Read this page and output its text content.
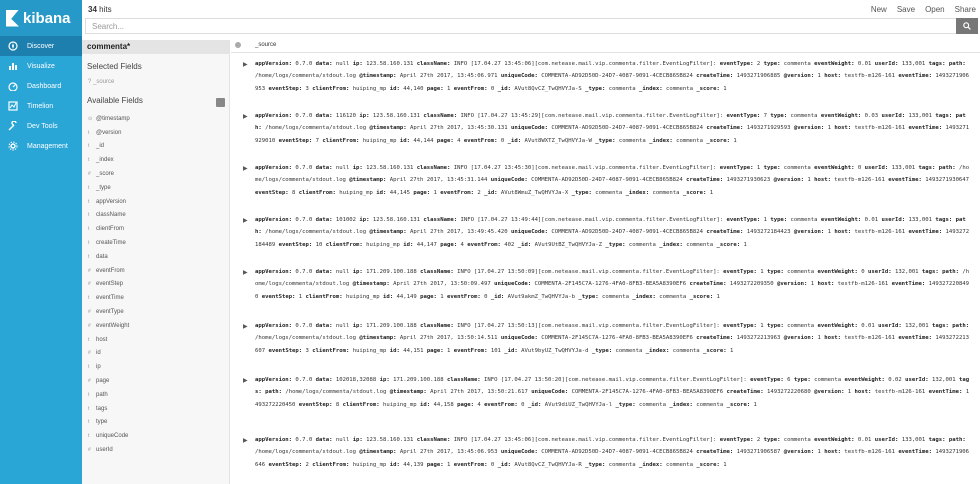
kibana
Discover
Visualize
Dashboard
Timelion
Dev Tools
Management
34 hits	New Save Open Share
Search...
commenta*
Selected Fields
? _source
Available Fields
⊙ @timestamp
t	@version
t	_id
t	_index
# _score
t	_type
t	appVersion
t	className
t	clientFrom
t	createTime
t	data
# eventFrom
# eventStep
t	eventTime
# eventType
# eventWeight
t	host
# id
t	ip
# page
t	path
t	tags
t	type
t	uniqueCode
# userId
_source
▶ appVersion: 0.7.0 data: null ip: 123.58.160.131 className: INFO [17.04.27 13:45:06][com.netease.mail.vip.commenta.filter.EventLogFilter]: eventType: 2 type: commenta eventWeight: 0.01 userId: 133,001 tags: path: /home/logs/commenta/stdout.log @timestamp: April 27th 2017, 13:45:06.971 uniqueCode: COMMENTA-AD92D50D-24D7-4087-9091-4CECB865B824 createTime: 1493271906885 @version: 1 host: testfb-m126-161 eventTime: 1493271906953 eventStep: 3 clientFrom: huiping_mp id: 44,140 page: 1 eventFrom: 0 _id: AVut8QvCZ_TwQHVYJa-S _type: commenta _index: commenta _score: 1
▶ appVersion: 0.7.0 data: 116120 ip: 123.58.160.131 className: INFO [17.04.27 13:45:29][com.netease.mail.vip.commenta.filter.EventLogFilter]: eventType: 7 type: commenta eventWeight: 0.03 userId: 133,001 tags: path: /home/logs/commenta/stdout.log @timestamp: April 27th 2017, 13:45:30.131 uniqueCode: COMMENTA-AD92D50D-24D7-4087-9091-4CECB865B824 createTime: 1493271929593 @version: 1 host: testfb-m126-161 eventTime: 1493271929010 eventStep: 7 clientFrom: huiping_mp id: 44,144 page: 4 eventFrom: 0 _id: AVut8WXTZ_TwQHVYJa-W _type: commenta _index: commenta _score: 1
▶ appVersion: 0.7.0 data: null ip: 123.58.160.131 className: INFO [17.04.27 13:45:30][com.netease.mail.vip.commenta.filter.EventLogFilter]: eventType: 1 type: commenta eventWeight: 0 userId: 133,001 tags: path: /home/logs/commenta/stdout.log @timestamp: April 27th 2017, 13:45:31.144 uniqueCode: COMMENTA-AD92D50D-24D7-4087-9091-4CECB865B824 createTime: 1493271930623 @version: 1 host: testfb-m126-161 eventTime: 1493271930647 eventStep: 8 clientFrom: huiping_mp id: 44,145 page: 1 eventFrom: 2 _id: AVut8WmuZ_TwQHVYJa-X _type: commenta _index: commenta _score: 1
▶ appVersion: 0.7.0 data: 101002 ip: 123.58.160.131 className: INFO [17.04.27 13:49:44][com.netease.mail.vip.commenta.filter.EventLogFilter]: eventType: 1 type: commenta eventWeight: 0.01 userId: 133,001 tags: path: /home/logs/commenta/stdout.log @timestamp: April 27th 2017, 13:49:45.420 uniqueCode: COMMENTA-AD92D50D-24D7-4087-9091-4CECB865B824 createTime: 1493272184423 @version: 1 host: testfb-m126-161 eventTime: 1493272184489 eventStep: 10 clientFrom: huiping_mp id: 44,147 page: 4 eventFrom: 402 _id: AVut9UtBZ_TwQHVYJa-Z _type: commenta _index: commenta _score: 1
▶ appVersion: 0.7.0 data: null ip: 171.209.100.188 className: INFO [17.04.27 13:50:09][com.netease.mail.vip.commenta.filter.EventLogFilter]: eventType: 1 type: commenta eventWeight: 0 userId: 132,001 tags: path: /home/logs/commenta/stdout.log @timestamp: April 27th 2017, 13:50:09.497 uniqueCode: COMMENTA-2F145C7A-1276-4FA0-8FB3-BEA5A8390EF6 createTime: 1493272209350 @version: 1 host: testfb-m126-161 eventTime: 1493272208490 eventStep: 1 clientFrom: huiping_mp id: 44,149 page: 1 eventFrom: 0 _id: AVut9akmZ_TwQHVYJa-b _type: commenta _index: commenta _score: 1
▶ appVersion: 0.7.0 data: null ip: 171.209.100.188 className: INFO [17.04.27 13:50:13][com.netease.mail.vip.commenta.filter.EventLogFilter]: eventType: 1 type: commenta eventWeight: 0.01 userId: 132,001 tags: path: /home/logs/commenta/stdout.log @timestamp: April 27th 2017, 13:50:14.511 uniqueCode: COMMENTA-2F145C7A-1276-4FA0-8FB3-BEA5A8390EF6 createTime: 1493272213963 @version: 1 host: testfb-m126-161 eventTime: 1493272213607 eventStep: 3 clientFrom: huiping_mp id: 44,151 page: 1 eventFrom: 101 _id: AVut9byUZ_TwQHVYJa-d _type: commenta _index: commenta _score: 1
▶ appVersion: 0.7.0 data: 102018,32088 ip: 171.209.100.188 className: INFO [17.04.27 13:50:20][com.netease.mail.vip.commenta.filter.EventLogFilter]: eventType: 6 type: commenta eventWeight: 0.02 userId: 132,001 tags: path: /home/logs/commenta/stdout.log @timestamp: April 27th 2017, 13:50:21.617 uniqueCode: COMMENTA-2F145C7A-1276-4FA0-8FB3-BEA5A8390EF6 createTime: 1493272220680 @version: 1 host: testfb-m126-161 eventTime: 1493272220450 eventStep: 8 clientFrom: huiping_mp id: 44,158 page: 4 eventFrom: 0 _id: AVut9diUZ_TwQHVYJa-l _type: commenta _index: commenta _score: 1
▶ appVersion: 0.7.0 data: null ip: 123.58.160.131 className: INFO [17.04.27 13:45:06][com.netease.mail.vip.commenta.filter.EventLogFilter]: eventType: 2 type: commenta eventWeight: 0.01 userId: 133,001 tags: path: /home/logs/commenta/stdout.log @timestamp: April 27th 2017, 13:45:06.953 uniqueCode: COMMENTA-AD92D50D-24D7-4087-9091-4CECB865B824 createTime: 1493271906587 @version: 1 host: testfb-m126-161 eventTime: 1493271906646 eventStep: 2 clientFrom: huiping_mp id: 44,139 page: 1 eventFrom: 0 _id: AVut8QvCZ_TwQHVYJa-R _type: commenta _index: commenta _score: 1
